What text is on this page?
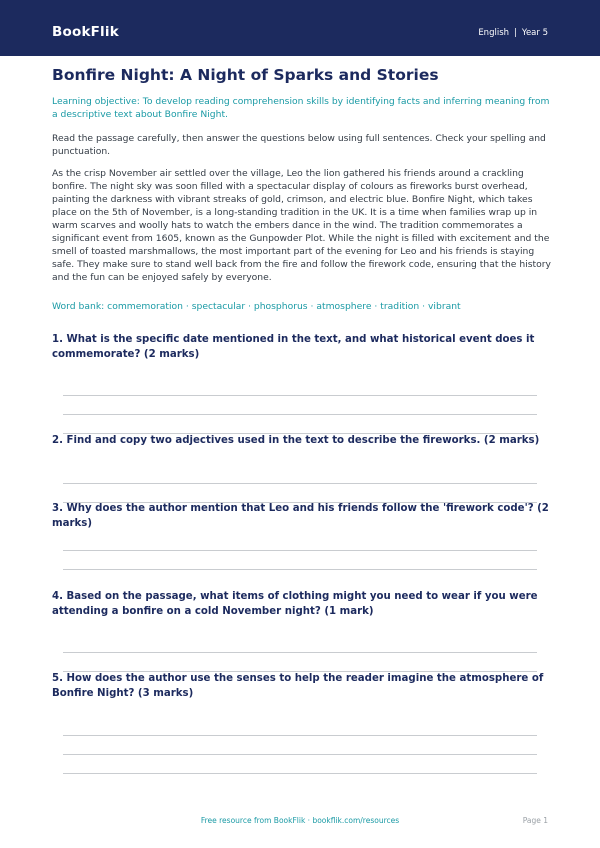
BookFlik	English | Year 5
Bonfire Night: A Night of Sparks and Stories

Learning objective: To develop reading comprehension skills by identifying facts and inferring meaning from a descriptive text about Bonfire Night.

Read the passage carefully, then answer the questions below using full sentences. Check your spelling and punctuation.

As the crisp November air settled over the village, Leo the lion gathered his friends around a crackling bonfire. The night sky was soon filled with a spectacular display of colours as fireworks burst overhead, painting the darkness with vibrant streaks of gold, crimson, and electric blue. Bonfire Night, which takes place on the 5th of November, is a long-standing tradition in the UK. It is a time when families wrap up in warm scarves and woolly hats to watch the embers dance in the wind. The tradition commemorates a significant event from 1605, known as the Gunpowder Plot. While the night is filled with excitement and the smell of toasted marshmallows, the most important part of the evening for Leo and his friends is staying safe. They make sure to stand well back from the fire and follow the firework code, ensuring that the history and the fun can be enjoyed safely by everyone.

Word bank: commemoration · spectacular · phosphorus · atmosphere · tradition · vibrant

1. What is the specific date mentioned in the text, and what historical event does it commemorate? (2 marks)

2. Find and copy two adjectives used in the text to describe the fireworks. (2 marks)

3. Why does the author mention that Leo and his friends follow the 'firework code'? (2 marks)

4. Based on the passage, what items of clothing might you need to wear if you were attending a bonfire on a cold November night? (1 mark)

5. How does the author use the senses to help the reader imagine the atmosphere of Bonfire Night? (3 marks)

Free resource from BookFlik · bookflik.com/resources	Page 1
